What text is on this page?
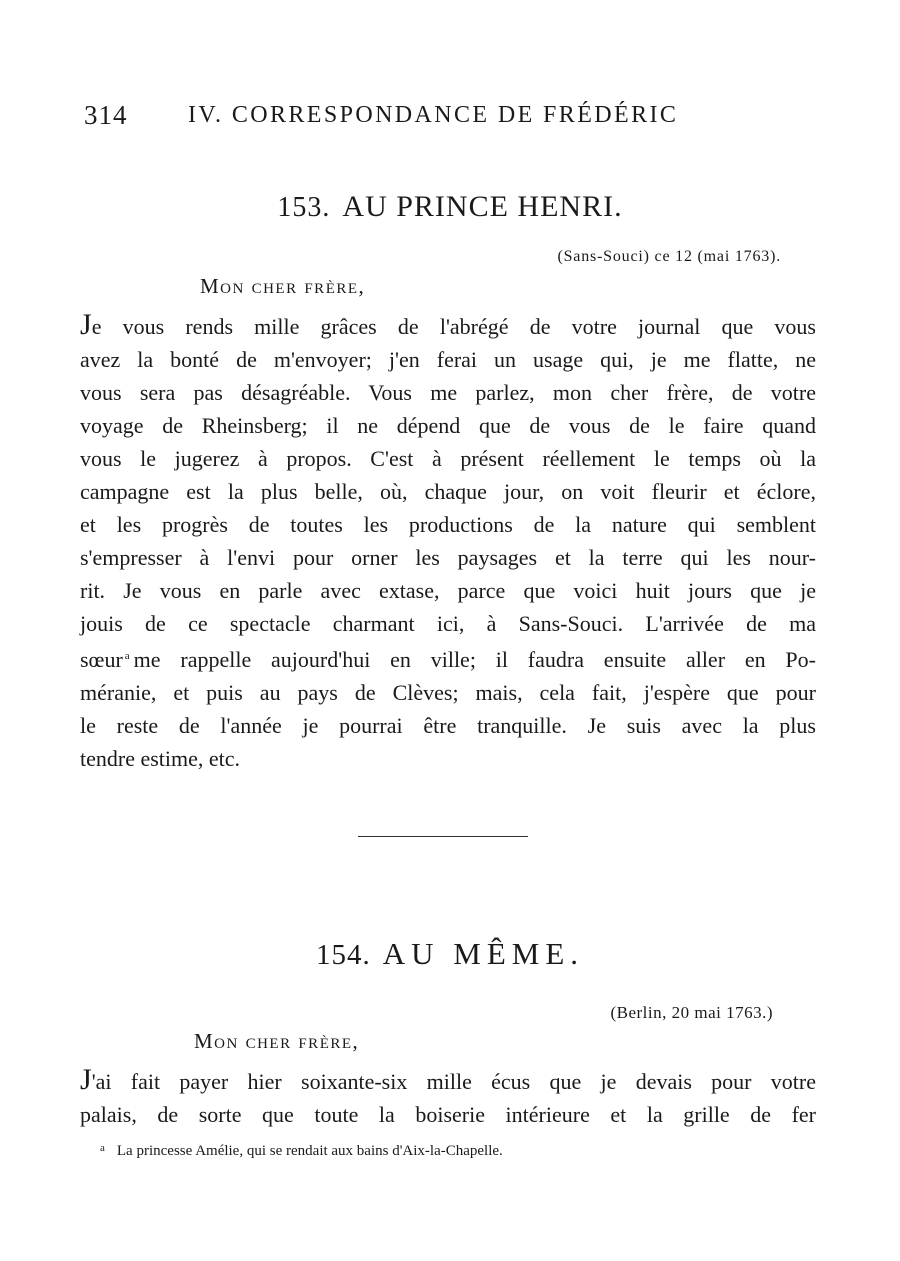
314	IV. CORRESPONDANCE DE FRÉDÉRIC
153. AU PRINCE HENRI.
(Sans-Souci) ce 12 (mai 1763).
Mon cher frère,
Je vous rends mille grâces de l'abrégé de votre journal que vous
avez la bonté de m'envoyer; j'en ferai un usage qui, je me flatte, ne
vous sera pas désagréable. Vous me parlez, mon cher frère, de votre
voyage de Rheinsberg; il ne dépend que de vous de le faire quand
vous le jugerez à propos. C'est à présent réellement le temps où la
campagne est la plus belle, où, chaque jour, on voit fleurir et éclore,
et les progrès de toutes les productions de la nature qui semblent
s'empresser à l'envi pour orner les paysages et la terre qui les nour-
rit. Je vous en parle avec extase, parce que voici huit jours que je
jouis de ce spectacle charmant ici, à Sans-Souci. L'arrivée de ma
sœur $^a$ me rappelle aujourd'hui en ville; il faudra ensuite aller en Po-
méranie, et puis au pays de Clèves; mais, cela fait, j'espère que pour
le reste de l'année je pourrai être tranquille. Je suis avec la plus
tendre estime, etc.
154. AU MÊME.
(Berlin, 20 mai 1763.)
Mon cher frère,
J'ai fait payer hier soixante-six mille écus que je devais pour votre
palais, de sorte que toute la boiserie intérieure et la grille de fer
$^a$ La princesse Amélie, qui se rendait aux bains d'Aix-la-Chapelle.
